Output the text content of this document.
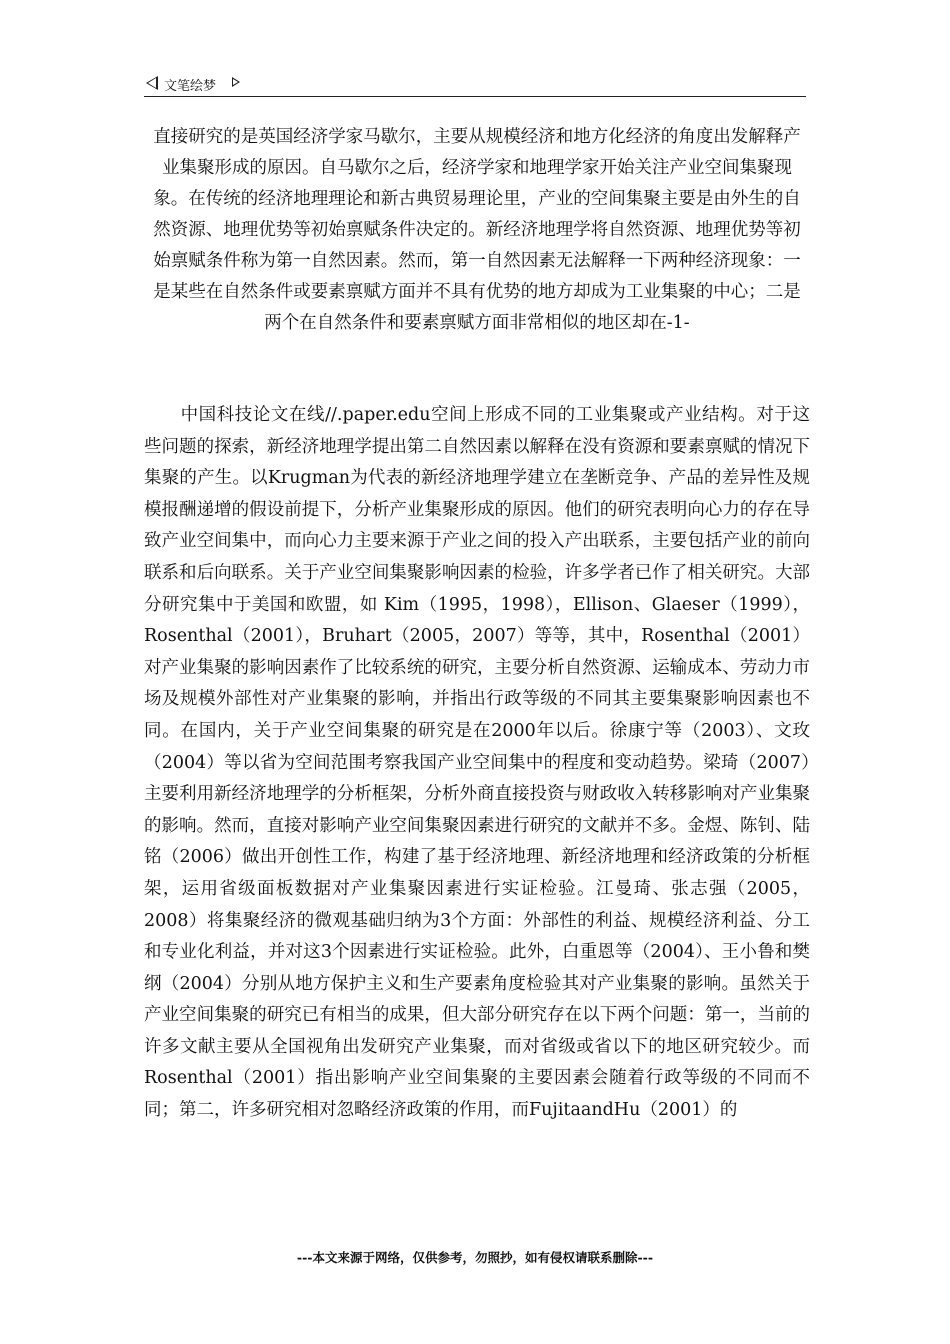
文笔绘梦
直接研究的是英国经济学家马歇尔，主要从规模经济和地方化经济的角度出发解释产业集聚形成的原因。自马歇尔之后，经济学家和地理学家开始关注产业空间集聚现象。在传统的经济地理理论和新古典贸易理论里，产业的空间集聚主要是由外生的自然资源、地理优势等初始禀赋条件决定的。新经济地理学将自然资源、地理优势等初始禀赋条件称为第一自然因素。然而，第一自然因素无法解释一下两种经济现象：一是某些在自然条件或要素禀赋方面并不具有优势的地方却成为工业集聚的中心；二是两个在自然条件和要素禀赋方面非常相似的地区却在-1-
中国科技论文在线//.paper.edu空间上形成不同的工业集聚或产业结构。对于这些问题的探索，新经济地理学提出第二自然因素以解释在没有资源和要素禀赋的情况下集聚的产生。以Krugman为代表的新经济地理学建立在垄断竞争、产品的差异性及规模报酬递增的假设前提下，分析产业集聚形成的原因。他们的研究表明向心力的存在导致产业空间集中，而向心力主要来源于产业之间的投入产出联系，主要包括产业的前向联系和后向联系。关于产业空间集聚影响因素的检验，许多学者已作了相关研究。大部分研究集中于美国和欧盟，如 Kim（1995，1998），Ellison、Glaeser（1999），Rosenthal（2001），Bruhart（2005，2007）等等，其中，Rosenthal（2001）对产业集聚的影响因素作了比较系统的研究，主要分析自然资源、运输成本、劳动力市场及规模外部性对产业集聚的影响，并指出行政等级的不同其主要集聚影响因素也不同。在国内，关于产业空间集聚的研究是在2000年以后。徐康宁等（2003）、文玫（2004）等以省为空间范围考察我国产业空间集中的程度和变动趋势。梁琦（2007）主要利用新经济地理学的分析框架，分析外商直接投资与财政收入转移影响对产业集聚的影响。然而，直接对影响产业空间集聚因素进行研究的文献并不多。金煜、陈钊、陆铭（2006）做出开创性工作，构建了基于经济地理、新经济地理和经济政策的分析框架，运用省级面板数据对产业集聚因素进行实证检验。江曼琦、张志强（2005，2008）将集聚经济的微观基础归纳为3个方面：外部性的利益、规模经济利益、分工和专业化利益，并对这3个因素进行实证检验。此外，白重恩等（2004）、王小鲁和樊纲（2004）分别从地方保护主义和生产要素角度检验其对产业集聚的影响。虽然关于产业空间集聚的研究已有相当的成果，但大部分研究存在以下两个问题：第一，当前的许多文献主要从全国视角出发研究产业集聚，而对省级或省以下的地区研究较少。而Rosenthal（2001）指出影响产业空间集聚的主要因素会随着行政等级的不同而不同；第二，许多研究相对忽略经济政策的作用，而FujitaandHu（2001）的
---本文来源于网络，仅供参考，勿照抄，如有侵权请联系删除---
